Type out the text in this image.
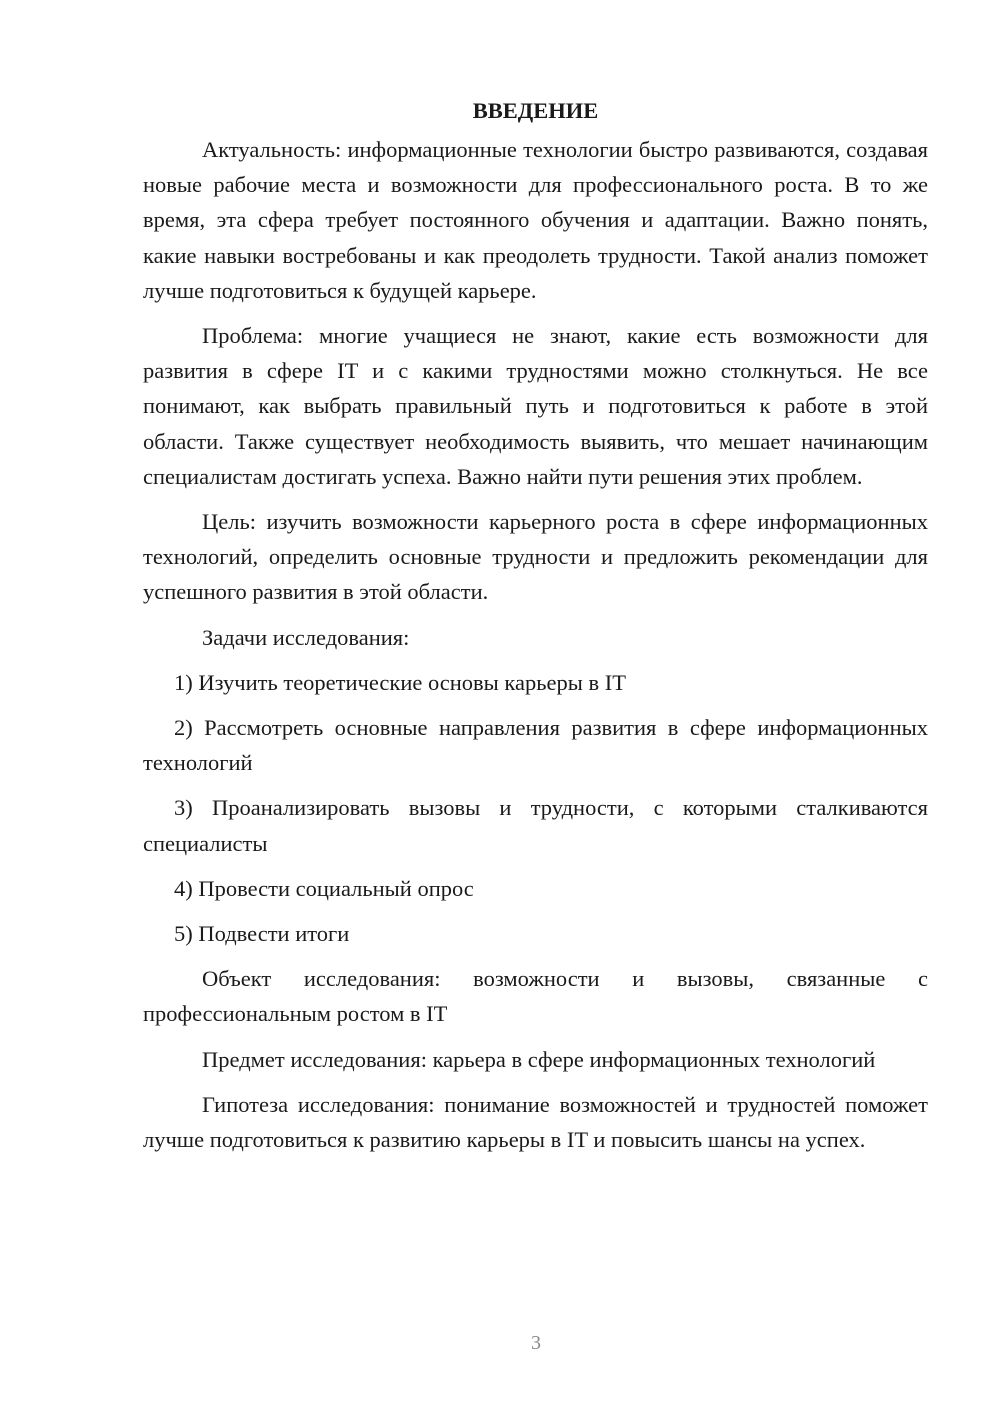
ВВЕДЕНИЕ

Актуальность: информационные технологии быстро развиваются, создавая новые рабочие места и возможности для профессионального роста. В то же время, эта сфера требует постоянного обучения и адаптации. Важно понять, какие навыки востребованы и как преодолеть трудности. Такой анализ поможет лучше подготовиться к будущей карьере.

Проблема: многие учащиеся не знают, какие есть возможности для развития в сфере IT и с какими трудностями можно столкнуться. Не все понимают, как выбрать правильный путь и подготовиться к работе в этой области. Также существует необходимость выявить, что мешает начинающим специалистам достигать успеха. Важно найти пути решения этих проблем.

Цель: изучить возможности карьерного роста в сфере информационных технологий, определить основные трудности и предложить рекомендации для успешного развития в этой области.

Задачи исследования:

1) Изучить теоретические основы карьеры в IT

2) Рассмотреть основные направления развития в сфере информационных технологий

3) Проанализировать вызовы и трудности, с которыми сталкиваются специалисты

4) Провести социальный опрос

5) Подвести итоги

Объект исследования: возможности и вызовы, связанные с профессиональным ростом в IT

Предмет исследования: карьера в сфере информационных технологий

Гипотеза исследования: понимание возможностей и трудностей поможет лучше подготовиться к развитию карьеры в IT и повысить шансы на успех.

3
